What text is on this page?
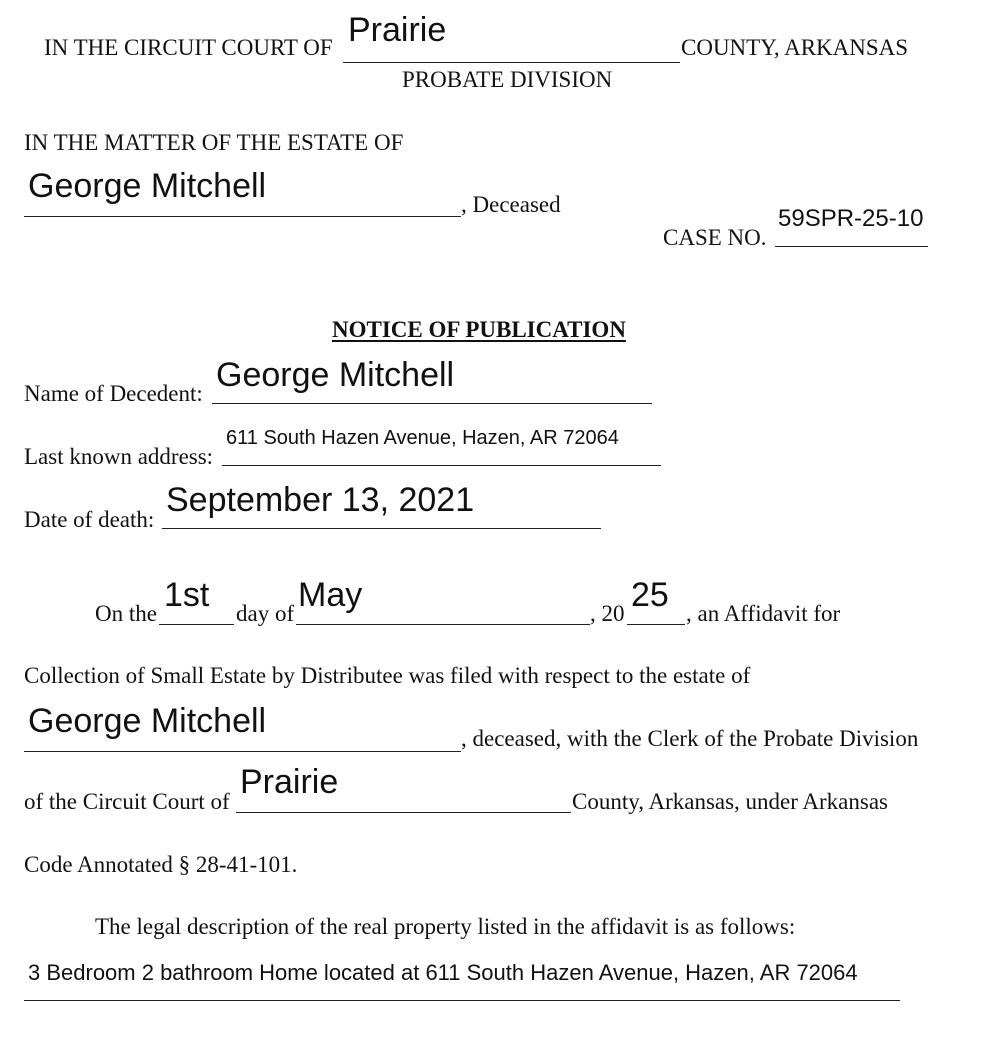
IN THE CIRCUIT COURT OF Prairie	COUNTY, ARKANSAS
PROBATE DIVISION
IN THE MATTER OF THE ESTATE OF
George Mitchell	, Deceased
CASE NO.
59SPR-25-10
NOTICE OF PUBLICATION
Name of Decedent: George Mitchell
Last known address:
611 South Hazen Avenue, Hazen, AR 72064
Date of death:
September 13, 2021
On the 1st day of May	, 20 25 , an Affidavit for
Collection of Small Estate by Distributee was filed with respect to the estate of
George Mitchell	, deceased, with the Clerk of the Probate Division
of the Circuit Court of
Prairie
County, Arkansas, under Arkansas
Code Annotated § 28-41-101.
The legal description of the real property listed in the affidavit is as follows:
3 Bedroom 2 bathroom Home located at 611 South Hazen Avenue, Hazen, AR 72064
